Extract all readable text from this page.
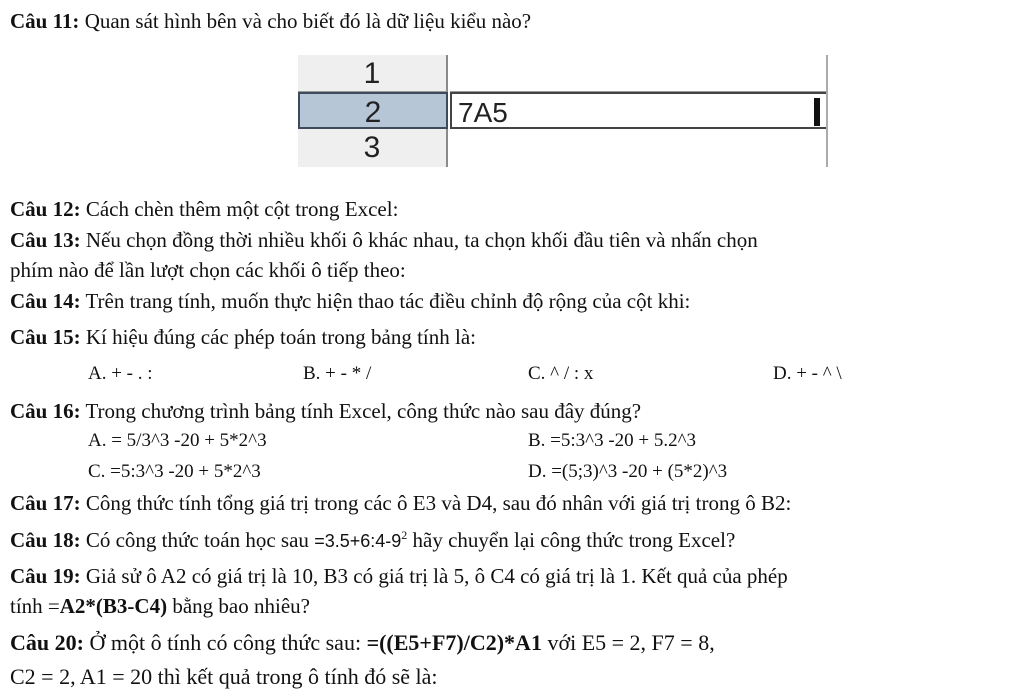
Câu 11: Quan sát hình bên và cho biết đó là dữ liệu kiểu nào?
1
2	7A5
3
Câu 12: Cách chèn thêm một cột trong Excel:
Câu 13: Nếu chọn đồng thời nhiều khối ô khác nhau, ta chọn khối đầu tiên và nhấn chọn
phím nào để lần lượt chọn các khối ô tiếp theo:
Câu 14: Trên trang tính, muốn thực hiện thao tác điều chỉnh độ rộng của cột khi:
Câu 15: Kí hiệu đúng các phép toán trong bảng tính là:
A. + - . :	B. + - * /	C. ^ / : x	D. + - ^ \
Câu 16: Trong chương trình bảng tính Excel, công thức nào sau đây đúng?
A. = 5/3^3 -20 + 5*2^3	B. =5:3^3 -20 + 5.2^3
C. =5:3^3 -20 + 5*2^3	D. =(5;3)^3 -20 + (5*2)^3
Câu 17: Công thức tính tổng giá trị trong các ô E3 và D4, sau đó nhân với giá trị trong ô B2:
Câu 18: Có công thức toán học sau $=3.5+6:4-9^2$ hãy chuyển lại công thức trong Excel?
Câu 19: Giả sử ô A2 có giá trị là 10, B3 có giá trị là 5, ô C4 có giá trị là 1. Kết quả của phép
tính =A2*(B3-C4) bằng bao nhiêu?
Câu 20: Ở một ô tính có công thức sau: =((E5+F7)/C2)*A1 với E5 = 2, F7 = 8,
C2 = 2, A1 = 20 thì kết quả trong ô tính đó sẽ là:
